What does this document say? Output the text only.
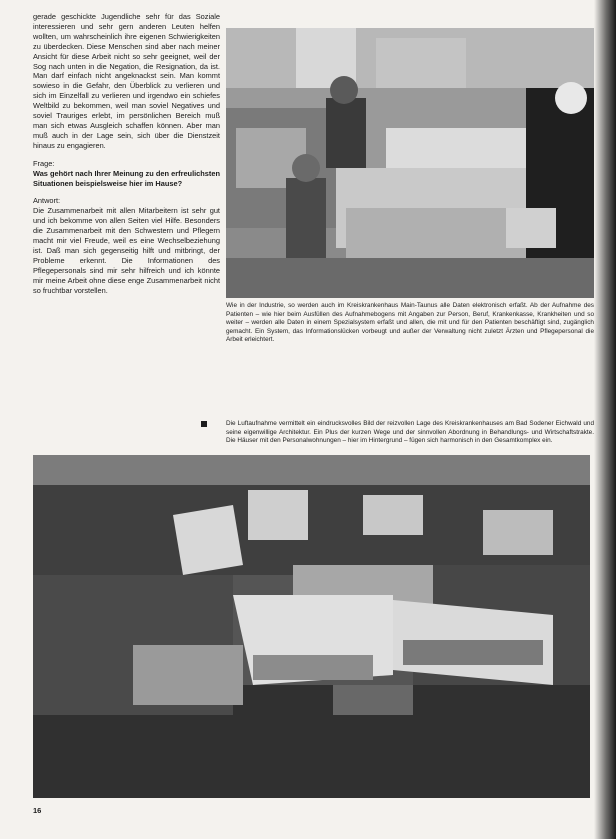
gerade geschickte Jugendliche sehr für das Soziale interessieren und sehr gern anderen Leuten helfen wollten, um wahrscheinlich ihre eigenen Schwierigkeiten zu überdecken. Diese Menschen sind aber nach meiner Ansicht für diese Arbeit nicht so sehr geeignet, weil der Sog nach unten in die Negation, die Resignation, da ist. Man darf einfach nicht angeknackst sein. Man kommt sowieso in die Gefahr, den Überblick zu verlieren und sich im Einzelfall zu verlieren und irgendwo ein schiefes Weltbild zu bekommen, weil man soviel Negatives und soviel Trauriges erlebt, im persönlichen Bereich muß man sich etwas Ausgleich schaffen können. Aber man muß auch in der Lage sein, sich über die Dienstzeit hinaus zu engagieren.

Frage:

Was gehört nach Ihrer Meinung zu den erfreulichsten Situationen beispielsweise hier im Hause?

Antwort:

Die Zusammenarbeit mit allen Mitarbeitern ist sehr gut und ich bekomme von allen Seiten viel Hilfe. Besonders die Zusammenarbeit mit den Schwestern und Pflegern macht mir viel Freude, weil es eine Wechselbeziehung ist. Daß man sich gegenseitig hilft und mitbringt, der Probleme erkennt. Die Informationen des Pflegepersonals sind mir sehr hilfreich und ich könnte mir meine Arbeit ohne diese enge Zusammenarbeit nicht so fruchtbar vorstellen.

Wie in der Industrie, so werden auch im Kreiskrankenhaus Main-Taunus alle Daten elektronisch erfaßt. Ab der Aufnahme des Patienten – wie hier beim Ausfüllen des Aufnahmebogens mit Angaben zur Person, Beruf, Krankenkasse, Krankheiten und so weiter – werden alle Daten in einem Spezialsystem erfaßt und allen, die mit und für den Patienten beschäftigt sind, zugänglich gemacht. Ein System, das Informationslücken vorbeugt und außer der Verwaltung nicht zuletzt Ärzten und Pflegepersonal die Arbeit erleichtert.
Die Luftaufnahme vermittelt ein eindrucksvolles Bild der reizvollen Lage des Kreiskrankenhauses am Bad Sodener Eichwald und seine eigenwillige Architektur. Ein Plus der kurzen Wege und der sinnvollen Abordnung in Behandlungs- und Wirtschaftstrakte. Die Häuser mit den Personalwohnungen – hier im Hintergrund – fügen sich harmonisch in den Gesamtkomplex ein.
16
